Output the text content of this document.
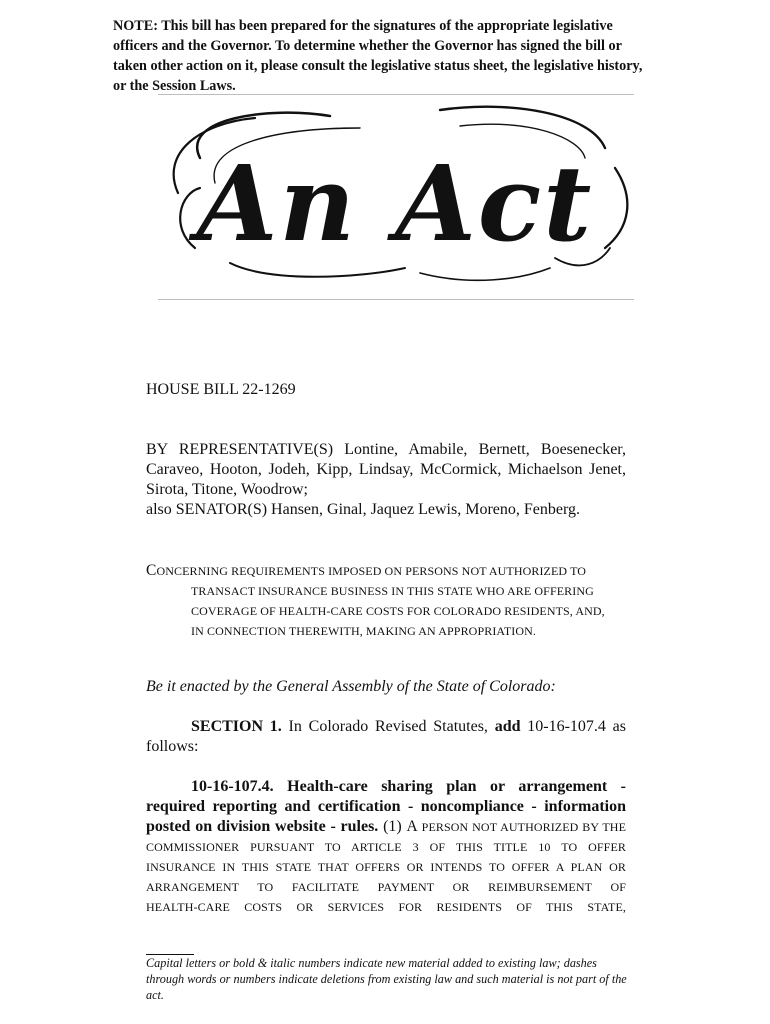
NOTE: This bill has been prepared for the signatures of the appropriate legislative officers and the Governor. To determine whether the Governor has signed the bill or taken other action on it, please consult the legislative status sheet, the legislative history, or the Session Laws.
An Act
HOUSE BILL 22-1269
BY REPRESENTATIVE(S) Lontine, Amabile, Bernett, Boesenecker,
Caraveo, Hooton, Jodeh, Kipp, Lindsay, McCormick, Michaelson Jenet,
Sirota, Titone, Woodrow;
also SENATOR(S) Hansen, Ginal, Jaquez Lewis, Moreno, Fenberg.
CONCERNING REQUIREMENTS IMPOSED ON PERSONS NOT AUTHORIZED TO
TRANSACT INSURANCE BUSINESS IN THIS STATE WHO ARE OFFERING
COVERAGE OF HEALTH-CARE COSTS FOR COLORADO RESIDENTS, AND,
IN CONNECTION THEREWITH, MAKING AN APPROPRIATION.
Be it enacted by the General Assembly of the State of Colorado:
SECTION 1. In Colorado Revised Statutes, add 10-16-107.4 as
follows:
10-16-107.4. Health-care sharing plan or arrangement -
required reporting and certification - noncompliance - information
posted on division website - rules. (1) A PERSON NOT AUTHORIZED BY THE
COMMISSIONER PURSUANT TO ARTICLE 3 OF THIS TITLE 10 TO OFFER
INSURANCE IN THIS STATE THAT OFFERS OR INTENDS TO OFFER A PLAN OR
ARRANGEMENT TO FACILITATE PAYMENT OR REIMBURSEMENT OF
HEALTH-CARE COSTS OR SERVICES FOR RESIDENTS OF THIS STATE,
Capital letters or bold & italic numbers indicate new material added to existing law; dashes through words or numbers indicate deletions from existing law and such material is not part of the act.
